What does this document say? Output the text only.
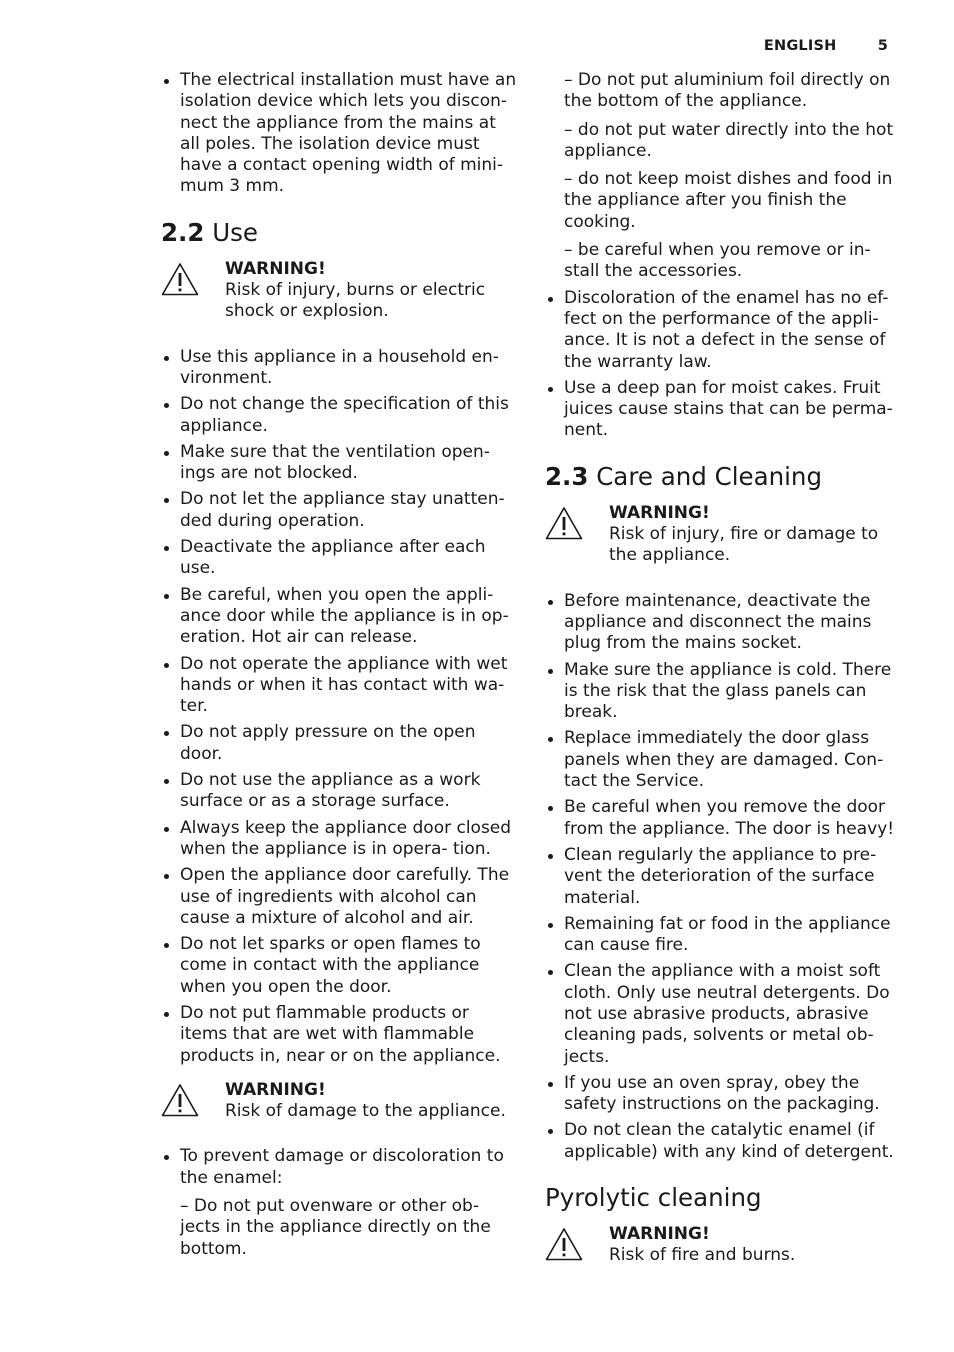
ENGLISH	5
The electrical installation must have an isolation device which lets you discon- nect the appliance from the mains at all poles. The isolation device must have a contact opening width of mini- mum 3 mm.
2.2 Use
WARNING!
Risk of injury, burns or electric shock or explosion.
Use this appliance in a household en- vironment.
Do not change the specification of this appliance.
Make sure that the ventilation open- ings are not blocked.
Do not let the appliance stay unatten- ded during operation.
Deactivate the appliance after each use.
Be careful, when you open the appli- ance door while the appliance is in op- eration. Hot air can release.
Do not operate the appliance with wet hands or when it has contact with wa- ter.
Do not apply pressure on the open door.
Do not use the appliance as a work surface or as a storage surface.
Always keep the appliance door closed when the appliance is in opera- tion.
Open the appliance door carefully. The use of ingredients with alcohol can cause a mixture of alcohol and air.
Do not let sparks or open flames to come in contact with the appliance when you open the door.
Do not put flammable products or items that are wet with flammable products in, near or on the appliance.
WARNING!
Risk of damage to the appliance.
To prevent damage or discoloration to the enamel:

– Do not put ovenware or other ob- jects in the appliance directly on the bottom.

– Do not put aluminium foil directly on the bottom of the appliance.

– do not put water directly into the hot appliance.

– do not keep moist dishes and food in the appliance after you finish the cooking.

– be careful when you remove or in- stall the accessories.

Discoloration of the enamel has no ef- fect on the performance of the appli- ance. It is not a defect in the sense of the warranty law.
Use a deep pan for moist cakes. Fruit juices cause stains that can be perma- nent.
2.3 Care and Cleaning
WARNING!
Risk of injury, fire or damage to the appliance.
Before maintenance, deactivate the appliance and disconnect the mains plug from the mains socket.
Make sure the appliance is cold. There is the risk that the glass panels can break.
Replace immediately the door glass panels when they are damaged. Con- tact the Service.
Be careful when you remove the door from the appliance. The door is heavy!
Clean regularly the appliance to pre- vent the deterioration of the surface material.
Remaining fat or food in the appliance can cause fire.
Clean the appliance with a moist soft cloth. Only use neutral detergents. Do not use abrasive products, abrasive cleaning pads, solvents or metal ob- jects.
If you use an oven spray, obey the safety instructions on the packaging.
Do not clean the catalytic enamel (if applicable) with any kind of detergent.
Pyrolytic cleaning
WARNING!
Risk of fire and burns.
